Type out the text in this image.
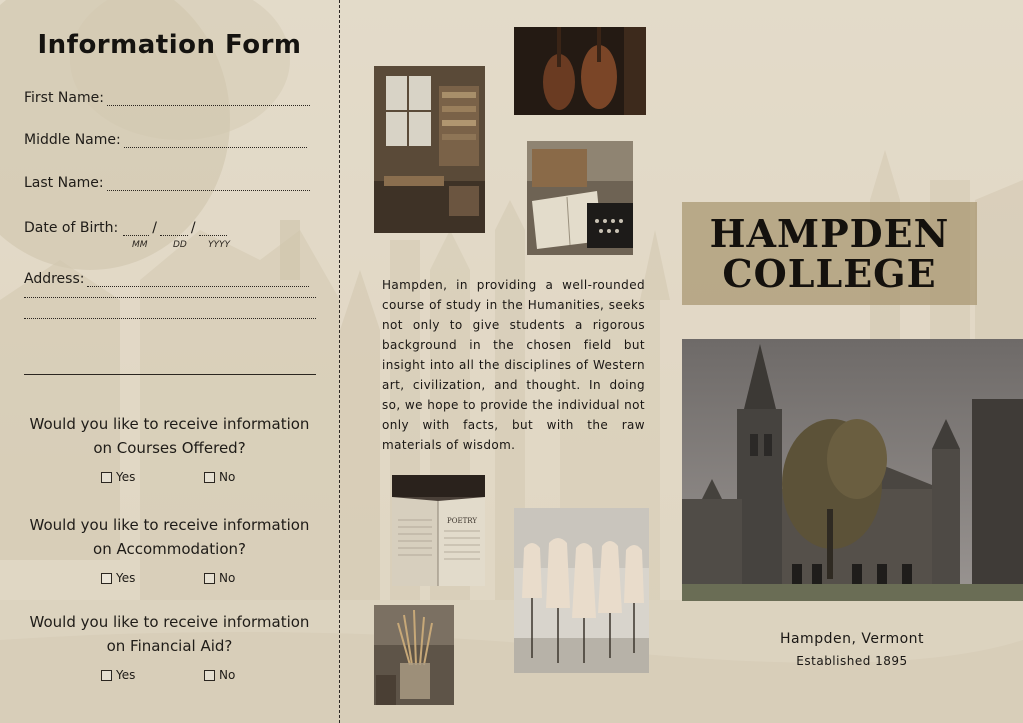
Information Form
First Name:
Middle Name:
Last Name:
Date of Birth: / /
MM	DD YYYY
Address:
Would you like to receive information
on Courses Offered?
Yes	No
Would you like to receive information
on Accommodation?
Yes	No
Would you like to receive information
on Financial Aid?
Yes	No
Hampden, in providing a well-rounded course of study in the Humanities, seeks not only to give students a rigorous background in the chosen field but insight into all the disciplines of Western art, civilization, and thought. In doing so, we hope to provide the individual not only with facts, but with the raw materials of wisdom.
POETRY
HAMPDEN
COLLEGE
Hampden, Vermont
Established 1895
